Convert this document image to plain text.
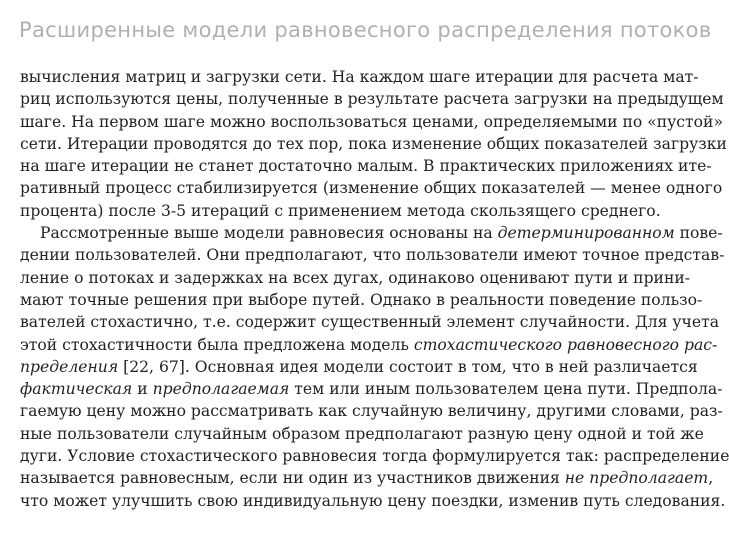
Расширенные модели равновесного распределения потоков
вычисления матриц и загрузки сети. На каждом шаге итерации для расчета мат-
риц используются цены, полученные в результате расчета загрузки на предыдущем
шаге. На первом шаге можно воспользоваться ценами, определяемыми по «пустой»
сети. Итерации проводятся до тех пор, пока изменение общих показателей загрузки
на шаге итерации не станет достаточно малым. В практических приложениях ите-
ративный процесс стабилизируется (изменение общих показателей — менее одного
процента) после 3-5 итераций с применением метода скользящего среднего.
Рассмотренные выше модели равновесия основаны на детерминированном пове-
дении пользователей. Они предполагают, что пользователи имеют точное представ-
ление о потоках и задержках на всех дугах, одинаково оценивают пути и прини-
мают точные решения при выборе путей. Однако в реальности поведение пользо-
вателей стохастично, т.е. содержит существенный элемент случайности. Для учета
этой стохастичности была предложена модель стохастического равновесного рас-
пределения [22, 67]. Основная идея модели состоит в том, что в ней различается
фактическая и предполагаемая тем или иным пользователем цена пути. Предпола-
гаемую цену можно рассматривать как случайную величину, другими словами, раз-
ные пользователи случайным образом предполагают разную цену одной и той же
дуги. Условие стохастического равновесия тогда формулируется так: распределение
называется равновесным, если ни один из участников движения не предполагает,
что может улучшить свою индивидуальную цену поездки, изменив путь следования.
